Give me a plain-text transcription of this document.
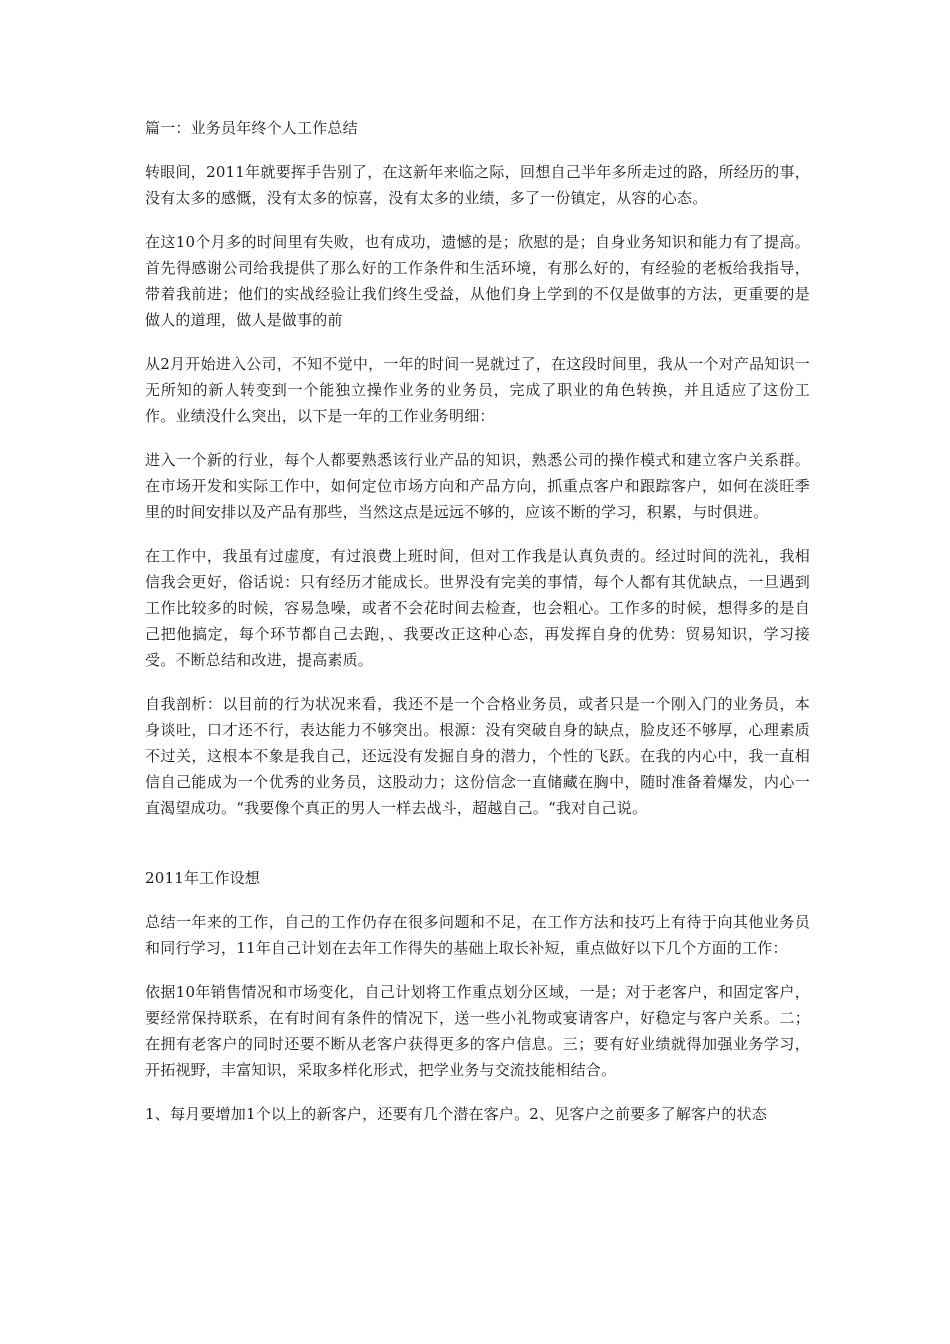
篇一：业务员年终个人工作总结

转眼间，2011年就要挥手告别了，在这新年来临之际，回想自己半年多所走过的路，所经历的事，没有太多的感慨，没有太多的惊喜，没有太多的业绩，多了一份镇定，从容的心态。

在这10个月多的时间里有失败，也有成功，遗憾的是；欣慰的是；自身业务知识和能力有了提高。首先得感谢公司给我提供了那么好的工作条件和生活环境，有那么好的，有经验的老板给我指导，带着我前进；他们的实战经验让我们终生受益，从他们身上学到的不仅是做事的方法，更重要的是做人的道理，做人是做事的前

从2月开始进入公司，不知不觉中，一年的时间一晃就过了，在这段时间里，我从一个对产品知识一无所知的新人转变到一个能独立操作业务的业务员，完成了职业的角色转换，并且适应了这份工作。业绩没什么突出，以下是一年的工作业务明细：

进入一个新的行业，每个人都要熟悉该行业产品的知识，熟悉公司的操作模式和建立客户关系群。在市场开发和实际工作中，如何定位市场方向和产品方向，抓重点客户和跟踪客户，如何在淡旺季里的时间安排以及产品有那些，当然这点是远远不够的，应该不断的学习，积累，与时俱进。

在工作中，我虽有过虚度，有过浪费上班时间，但对工作我是认真负责的。经过时间的洗礼，我相信我会更好，俗话说：只有经历才能成长。世界没有完美的事情，每个人都有其优缺点，一旦遇到工作比较多的时候，容易急噪，或者不会花时间去检查，也会粗心。工作多的时候，想得多的是自己把他搞定，每个环节都自己去跑，、我要改正这种心态，再发挥自身的优势：贸易知识，学习接受。不断总结和改进，提高素质。

自我剖析：以目前的行为状况来看，我还不是一个合格业务员，或者只是一个刚入门的业务员，本身谈吐，口才还不行，表达能力不够突出。根源：没有突破自身的缺点，脸皮还不够厚，心理素质不过关，这根本不象是我自己，还远没有发掘自身的潜力，个性的飞跃。在我的内心中，我一直相信自己能成为一个优秀的业务员，这股动力；这份信念一直储藏在胸中，随时准备着爆发，内心一直渴望成功。“我要像个真正的男人一样去战斗，超越自己。“我对自己说。

2011年工作设想

总结一年来的工作，自己的工作仍存在很多问题和不足，在工作方法和技巧上有待于向其他业务员和同行学习，11年自己计划在去年工作得失的基础上取长补短，重点做好以下几个方面的工作：

依据10年销售情况和市场变化，自己计划将工作重点划分区域，一是；对于老客户，和固定客户，要经常保持联系，在有时间有条件的情况下，送一些小礼物或宴请客户，好稳定与客户关系。二；在拥有老客户的同时还要不断从老客户获得更多的客户信息。三；要有好业绩就得加强业务学习，开拓视野，丰富知识，采取多样化形式，把学业务与交流技能相结合。

1、每月要增加1个以上的新客户，还要有几个潜在客户。2、见客户之前要多了解客户的状态
